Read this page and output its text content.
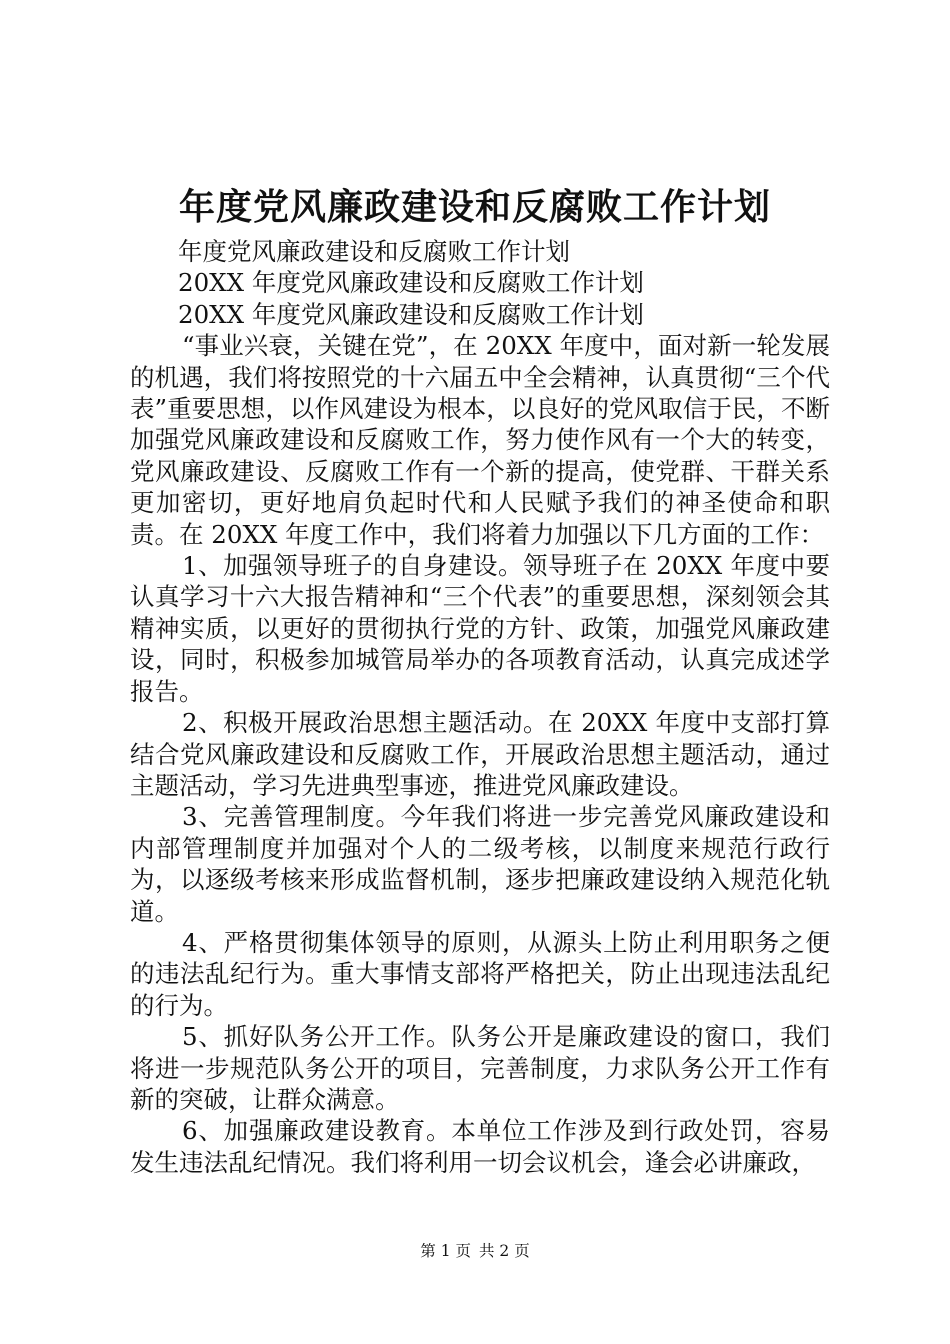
年度党风廉政建设和反腐败工作计划

年度党风廉政建设和反腐败工作计划

20XX 年度党风廉政建设和反腐败工作计划

20XX 年度党风廉政建设和反腐败工作计划

“事业兴衰，关键在党”，在 20XX 年度中，面对新一轮发展的机遇，我们将按照党的十六届五中全会精神，认真贯彻“三个代表”重要思想，以作风建设为根本，以良好的党风取信于民，不断加强党风廉政建设和反腐败工作，努力使作风有一个大的转变，党风廉政建设、反腐败工作有一个新的提高，使党群、干群关系更加密切，更好地肩负起时代和人民赋予我们的神圣使命和职责。在 20XX 年度工作中，我们将着力加强以下几方面的工作：

1、加强领导班子的自身建设。领导班子在 20XX 年度中要认真学习十六大报告精神和“三个代表”的重要思想，深刻领会其精神实质，以更好的贯彻执行党的方针、政策，加强党风廉政建设，同时，积极参加城管局举办的各项教育活动，认真完成述学报告。

2、积极开展政治思想主题活动。在 20XX 年度中支部打算结合党风廉政建设和反腐败工作，开展政治思想主题活动，通过主题活动，学习先进典型事迹，推进党风廉政建设。

3、完善管理制度。今年我们将进一步完善党风廉政建设和内部管理制度并加强对个人的二级考核，以制度来规范行政行为，以逐级考核来形成监督机制，逐步把廉政建设纳入规范化轨道。

4、严格贯彻集体领导的原则，从源头上防止利用职务之便的违法乱纪行为。重大事情支部将严格把关，防止出现违法乱纪的行为。

5、抓好队务公开工作。队务公开是廉政建设的窗口，我们将进一步规范队务公开的项目，完善制度，力求队务公开工作有新的突破，让群众满意。

6、加强廉政建设教育。本单位工作涉及到行政处罚，容易发生违法乱纪情况。我们将利用一切会议机会，逢会必讲廉政，

第 1 页 共 2 页
